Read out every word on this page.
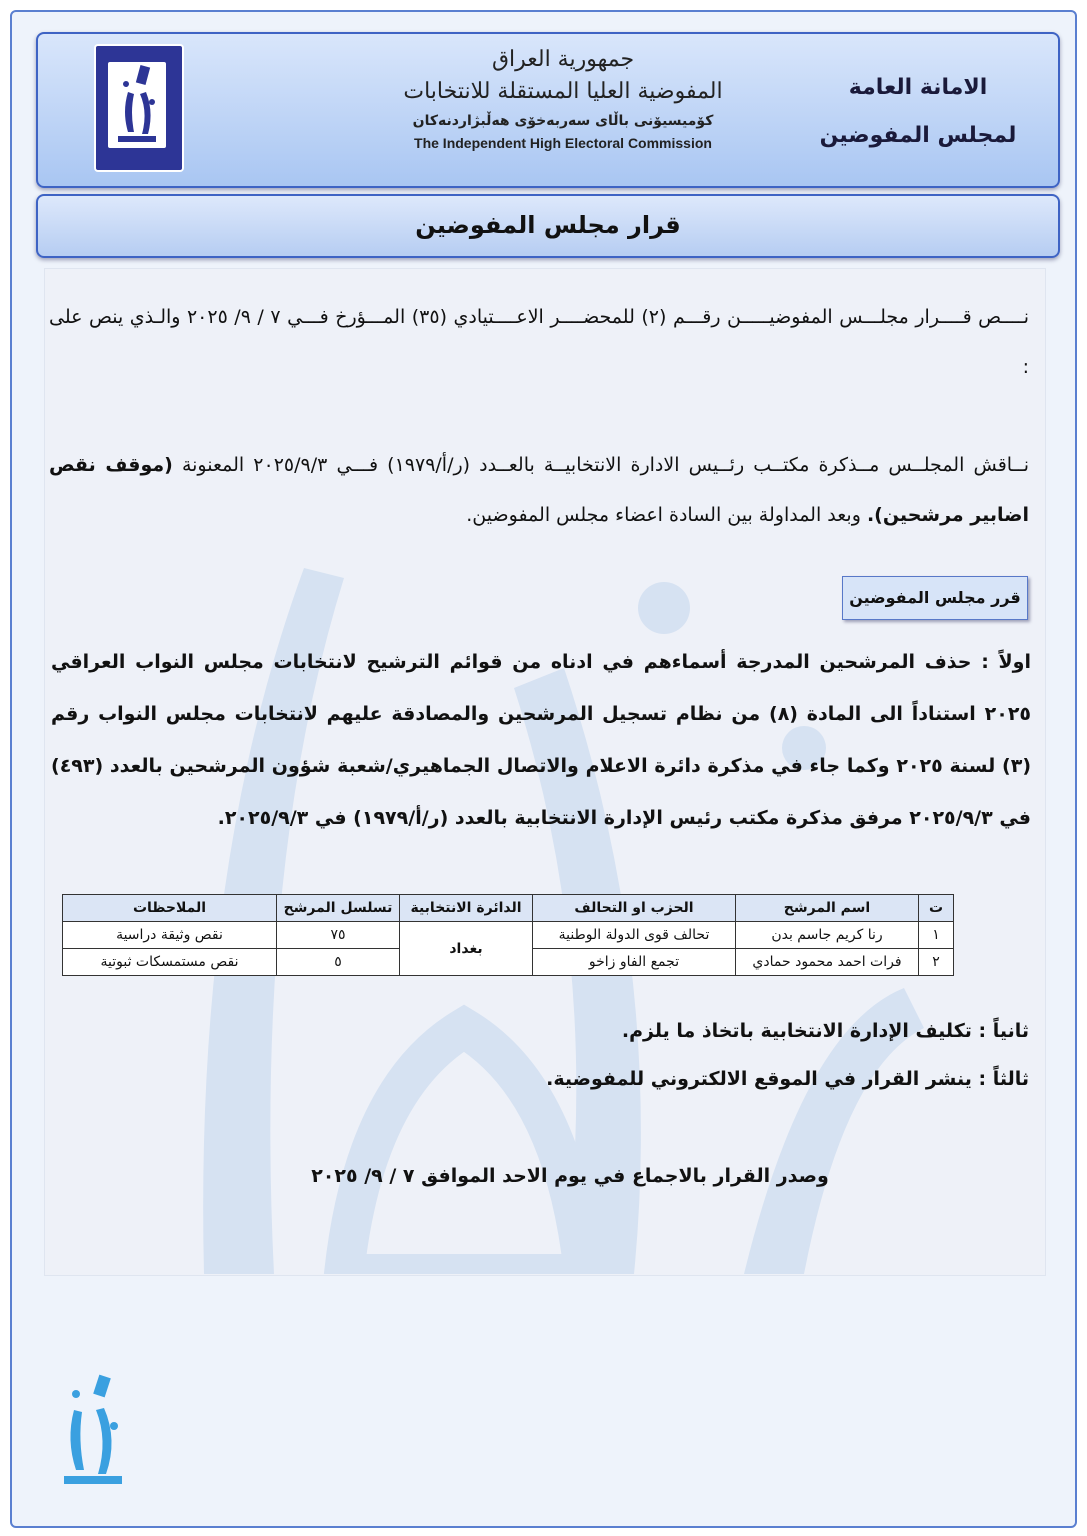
جمهورية العراق
المفوضية العليا المستقلة للانتخابات
كۆمیسیۆنی باڵای سەربەخۆی هەڵبژاردنەکان
The Independent High Electoral Commission
الامانة العامة
لمجلس المفوضين
قرار مجلس المفوضين
نــــص قــــرار مجلـــس المفوضيـــــن رقـــم (٢) للمحضــــر الاعــــتيادي (٣٥) المـــؤرخ فـــي ٧ / ٩/ ٢٠٢٥ والـذي ينص على :
نــاقش المجلــس مــذكرة مكتــب رئــيس الادارة الانتخابيــة بالعــدد (ر/أ/١٩٧٩) فـــي ٢٠٢٥/٩/٣ المعنونة (موقف نقص اضابير مرشحين). وبعد المداولة بين السادة اعضاء مجلس المفوضين.
قرر مجلس المفوضين
اولاً : حذف المرشحين المدرجة أسماءهم في ادناه من قوائم الترشيح لانتخابات مجلس النواب العراقي ٢٠٢٥ استناداً الى المادة (٨) من نظام تسجيل المرشحين والمصادقة عليهم لانتخابات مجلس النواب رقم (٣) لسنة ٢٠٢٥ وكما جاء في مذكرة دائرة الاعلام والاتصال الجماهيري/شعبة شؤون المرشحين بالعدد (٤٩٣) في ٢٠٢٥/٩/٣ مرفق مذكرة مكتب رئيس الإدارة الانتخابية بالعدد (ر/أ/١٩٧٩) في ٢٠٢٥/٩/٣.
ت	اسم المرشح	الحزب او التحالف	الدائرة الانتخابية	تسلسل المرشح	الملاحظات
١	رنا كريم جاسم بدن	تحالف قوى الدولة الوطنية	بغداد	٧٥	نقص وثيقة دراسية
٢	فرات احمد محمود حمادي	تجمع الفاو زاخو		٥	نقص مستمسكات ثبوتية
ثانياً : تكليف الإدارة الانتخابية باتخاذ ما يلزم.
ثالثاً : ينشر القرار في الموقع الالكتروني للمفوضية.
وصدر القرار بالاجماع في يوم الاحد الموافق ٧ / ٩/ ٢٠٢٥
